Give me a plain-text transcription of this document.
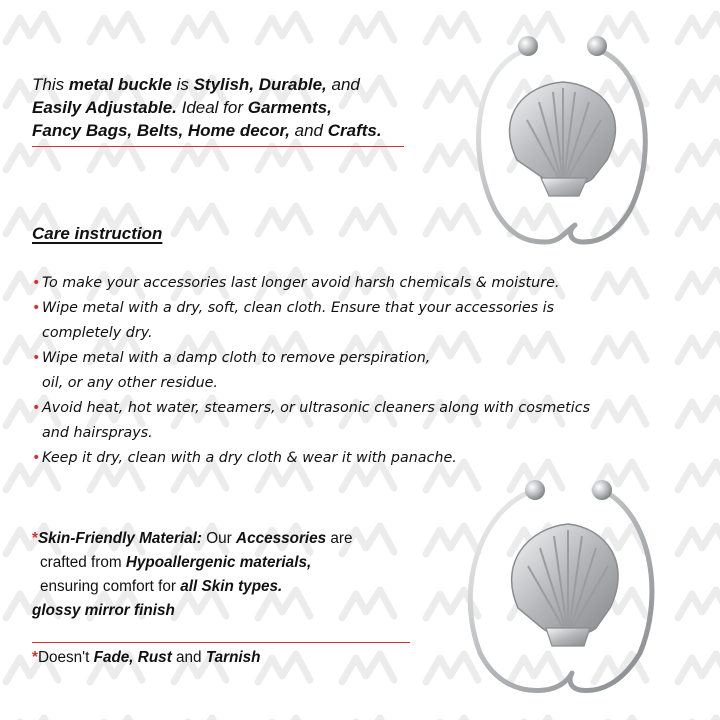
This metal buckle is Stylish, Durable, and
Easily Adjustable. Ideal for Garments,
Fancy Bags, Belts, Home decor, and Crafts.
Care instruction
• To make your accessories last longer avoid harsh chemicals & moisture.
• Wipe metal with a dry, soft, clean cloth. Ensure that your accessories is
completely dry.
• Wipe metal with a damp cloth to remove perspiration,
oil, or any other residue.
• Avoid heat, hot water, steamers, or ultrasonic cleaners along with cosmetics
and hairsprays.
• Keep it dry, clean with a dry cloth & wear it with panache.
*Skin-Friendly Material: Our Accessories are
crafted from Hypoallergenic materials,
ensuring comfort for all Skin types.
glossy mirror finish
*Doesn't Fade, Rust and Tarnish
